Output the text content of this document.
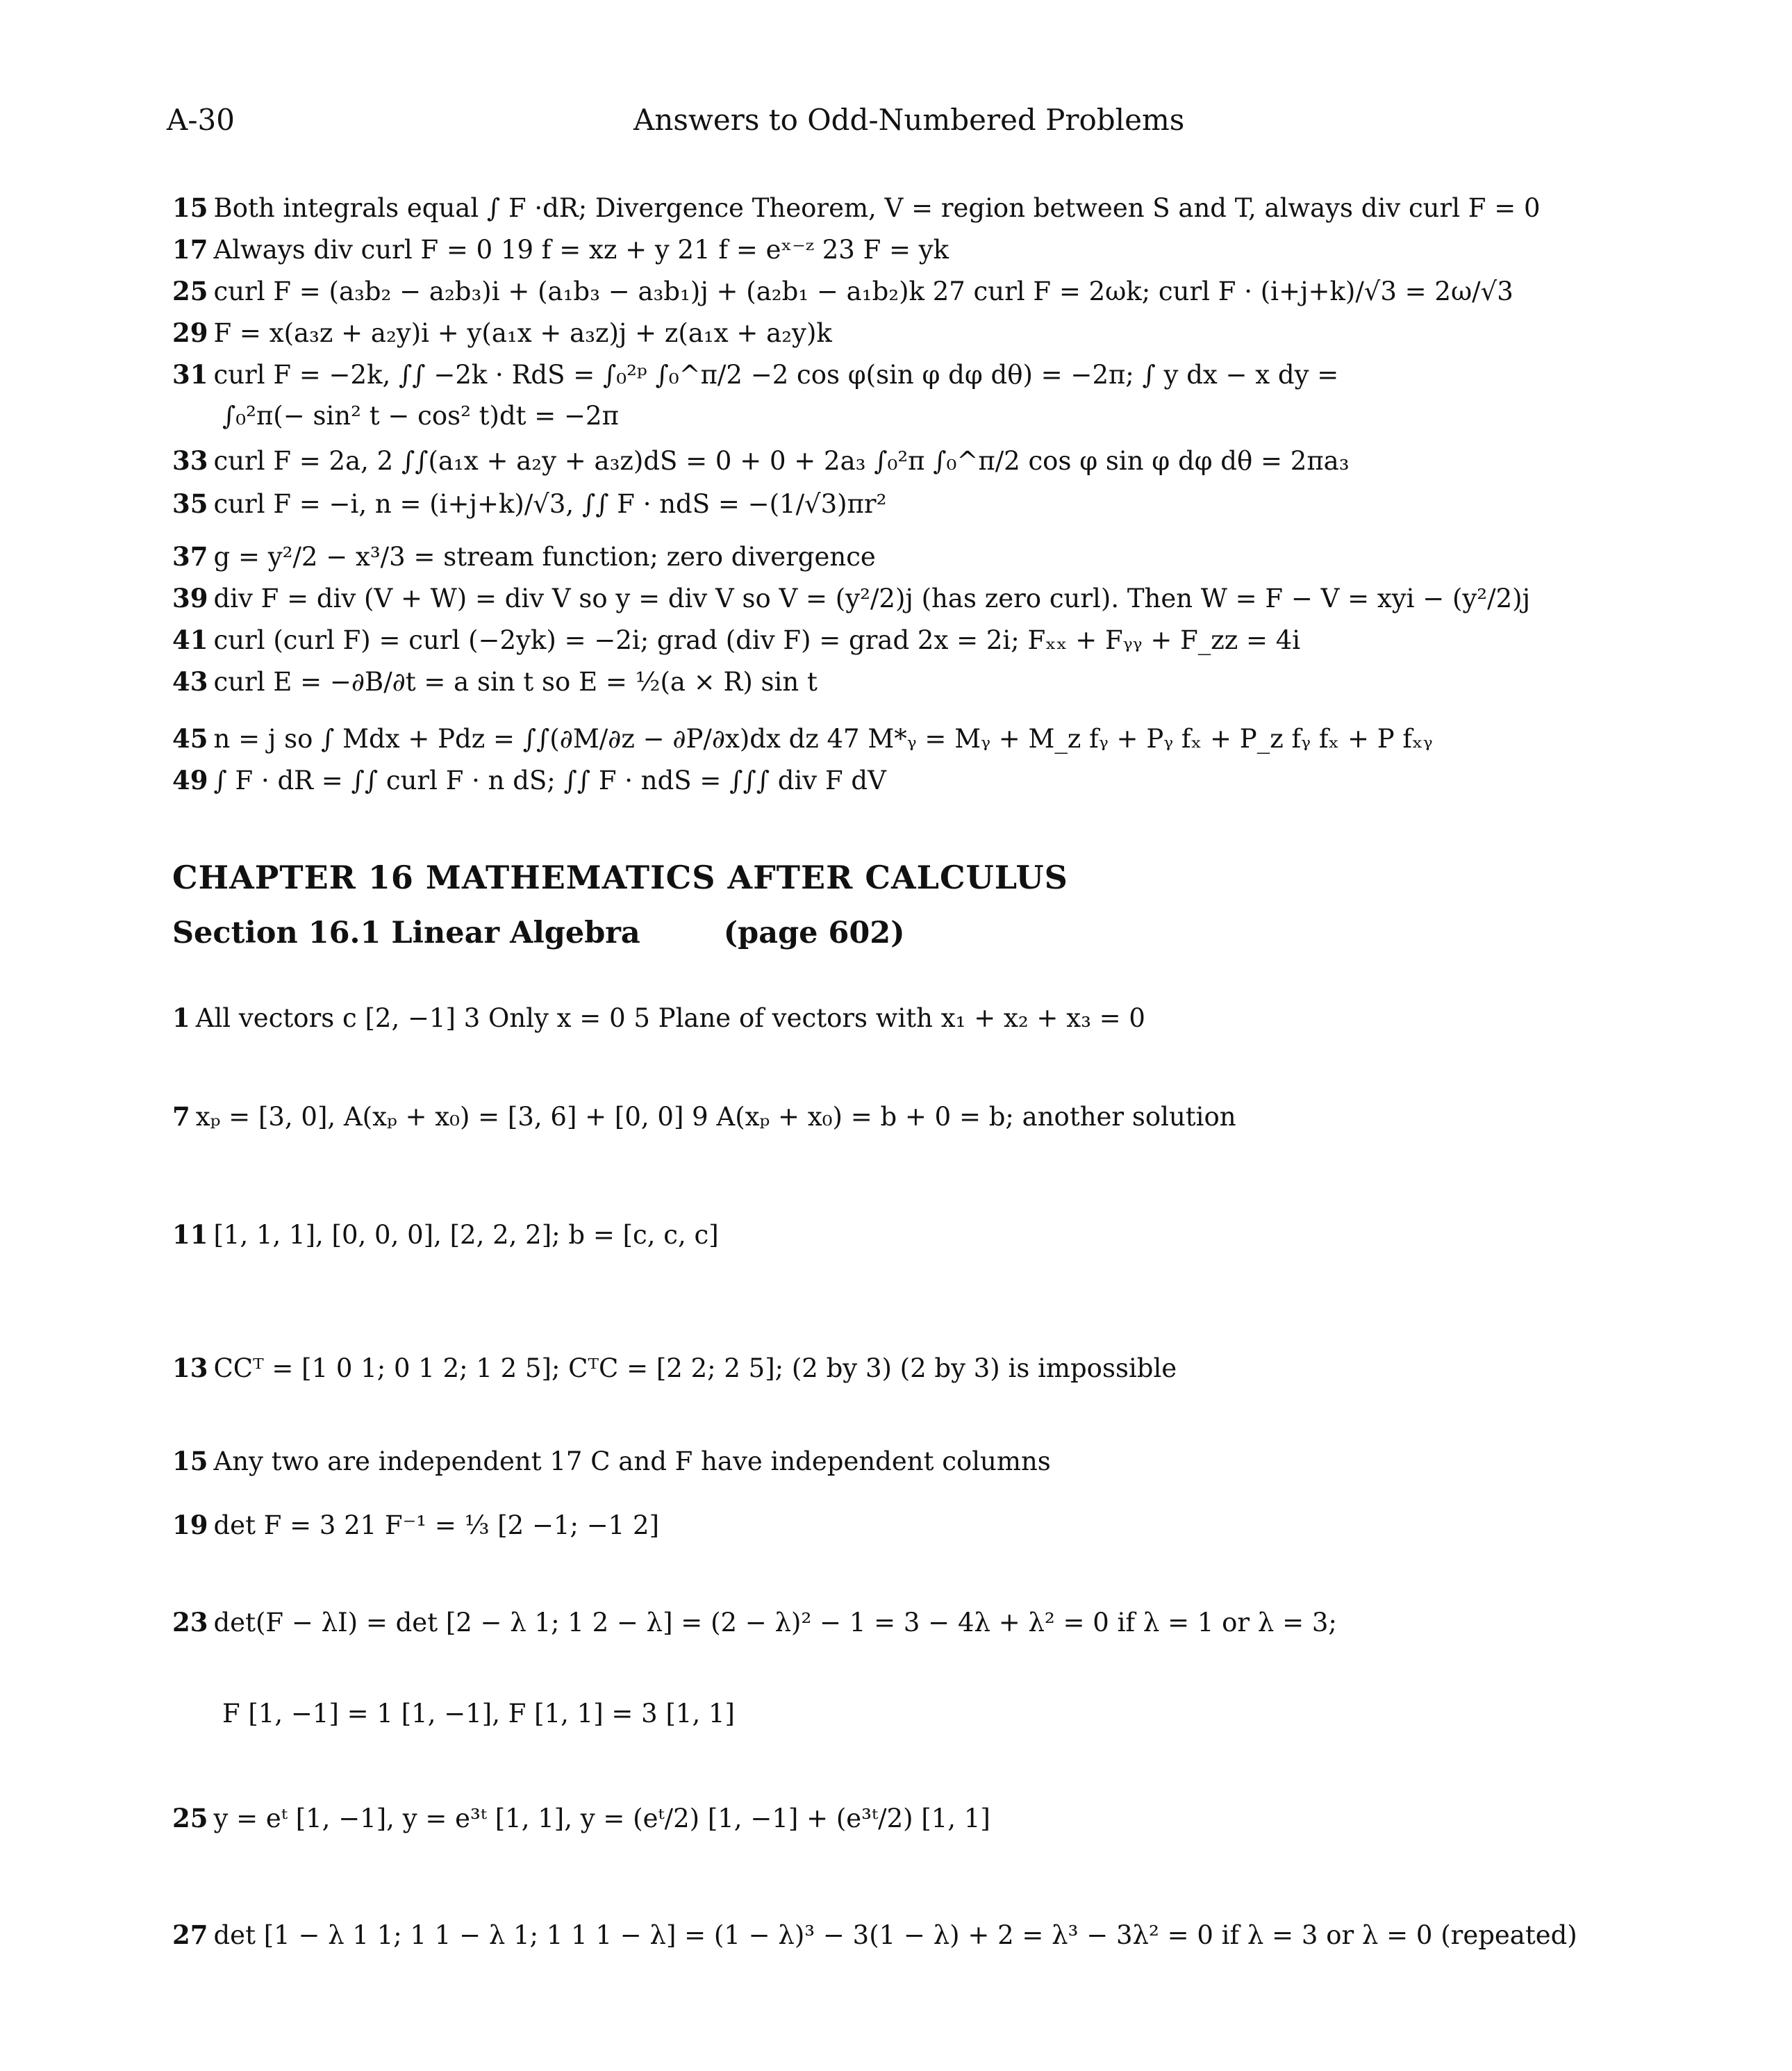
A-30	Answers to Odd-Numbered Problems
15 Both integrals equal ∫ F ·dR; Divergence Theorem, V = region between S and T, always div curl F = 0
17 Always div curl F = 0 19 f = xz + y 21 f = eˣ⁻ᶻ 23 F = yk
25 curl F = (a₃b₂ − a₂b₃)i + (a₁b₃ − a₃b₁)j + (a₂b₁ − a₁b₂)k 27 curl F = 2ωk; curl F · (i+j+k)/√3 = 2ω/√3
29 F = x(a₃z + a₂y)i + y(a₁x + a₃z)j + z(a₁x + a₂y)k
31 curl F = −2k, ∫∫ −2k · RdS = ∫₀²ᵖ ∫₀^π/2 −2 cos φ(sin φ dφ dθ) = −2π; ∫ y dx − x dy =
∫₀²π(− sin² t − cos² t)dt = −2π
33 curl F = 2a, 2 ∫∫(a₁x + a₂y + a₃z)dS = 0 + 0 + 2a₃ ∫₀²π ∫₀^π/2 cos φ sin φ dφ dθ = 2πa₃
35 curl F = −i, n = (i+j+k)/√3, ∫∫ F · ndS = −(1/√3)πr²
37 g = y²/2 − x³/3 = stream function; zero divergence
39 div F = div (V + W) = div V so y = div V so V = (y²/2)j (has zero curl). Then W = F − V = xyi − (y²/2)j
41 curl (curl F) = curl (−2yk) = −2i; grad (div F) = grad 2x = 2i; Fₓₓ + Fᵧᵧ + F_zz = 4i
43 curl E = −∂B/∂t = a sin t so E = ½(a × R) sin t
45 n = j so ∫ Mdx + Pdz = ∫∫(∂M/∂z − ∂P/∂x)dx dz 47 M*ᵧ = Mᵧ + M_z fᵧ + Pᵧ fₓ + P_z fᵧ fₓ + P fₓᵧ
49 ∫ F · dR = ∫∫ curl F · n dS; ∫∫ F · ndS = ∫∫∫ div F dV
CHAPTER 16 MATHEMATICS AFTER CALCULUS
Section 16.1 Linear Algebra	(page 602)
1 All vectors c [2, −1] 3 Only x = 0 5 Plane of vectors with x₁ + x₂ + x₃ = 0
7 xₚ = [3, 0], A(xₚ + x₀) = [3, 6] + [0, 0] 9 A(xₚ + x₀) = b + 0 = b; another solution
11 [1, 1, 1], [0, 0, 0], [2, 2, 2]; b = [c, c, c]
13 CCᵀ = [1 0 1; 0 1 2; 1 2 5]; CᵀC = [2 2; 2 5]; (2 by 3) (2 by 3) is impossible
15 Any two are independent 17 C and F have independent columns
19 det F = 3 21 F⁻¹ = ⅓ [2 −1; −1 2]
23 det(F − λI) = det [2 − λ 1; 1 2 − λ] = (2 − λ)² − 1 = 3 − 4λ + λ² = 0 if λ = 1 or λ = 3;
F [1, −1] = 1 [1, −1], F [1, 1] = 3 [1, 1]
25 y = eᵗ [1, −1], y = e³ᵗ [1, 1], y = (eᵗ/2) [1, −1] + (e³ᵗ/2) [1, 1]
27 det [1 − λ 1 1; 1 1 − λ 1; 1 1 1 − λ] = (1 − λ)³ − 3(1 − λ) + 2 = λ³ − 3λ² = 0 if λ = 3 or λ = 0 (repeated)
